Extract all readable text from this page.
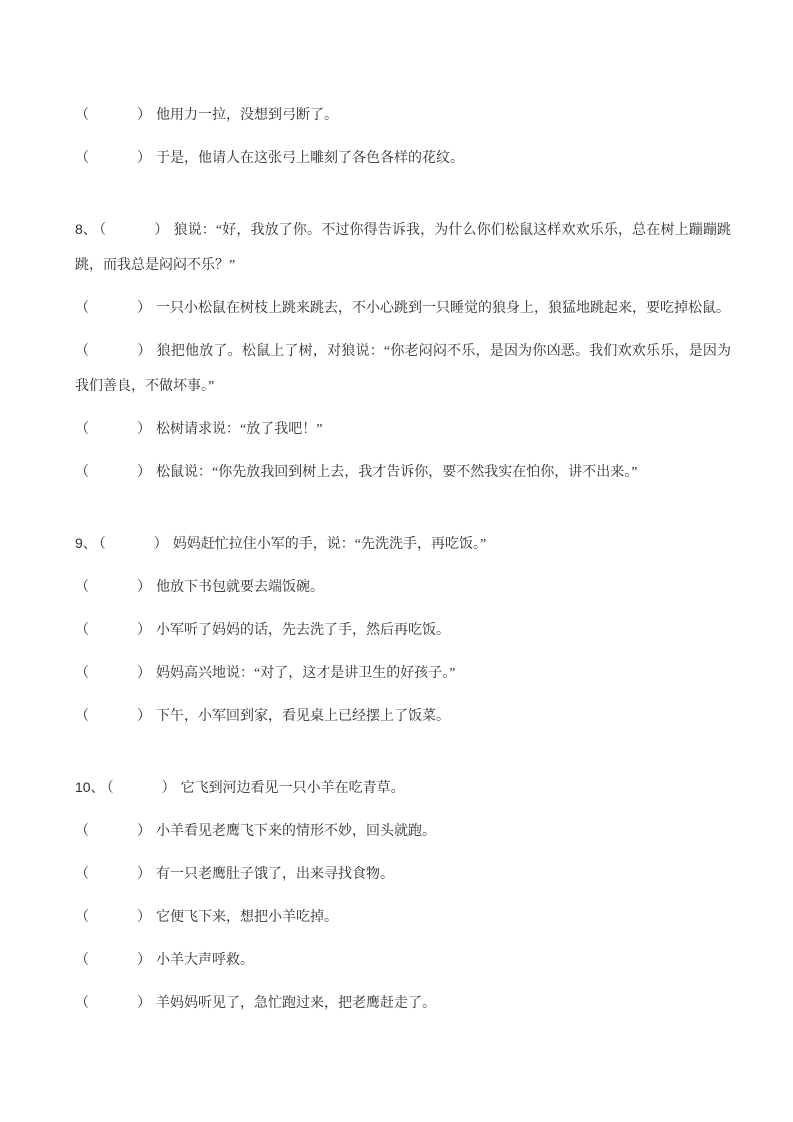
（	） 他用力一拉，没想到弓断了。

（	） 于是，他请人在这张弓上雕刻了各色各样的花纹。

8、 （	） 狼说：“好，我放了你。不过你得告诉我，为什么你们松鼠这样欢欢乐乐，总在树上蹦蹦跳跳，而我总是闷闷不乐？”

（	） 一只小松鼠在树枝上跳来跳去，不小心跳到一只睡觉的狼身上，狼猛地跳起来，要吃掉松鼠。

（	） 狼把他放了。松鼠上了树，对狼说：“你老闷闷不乐，是因为你凶恶。我们欢欢乐乐，是因为我们善良，不做坏事。”

（	） 松树请求说：“放了我吧！”

（	） 松鼠说：“你先放我回到树上去，我才告诉你，要不然我实在怕你，讲不出来。”

9、 （	） 妈妈赶忙拉住小军的手，说：“先洗洗手，再吃饭。”

（	） 他放下书包就要去端饭碗。

（	） 小军听了妈妈的话，先去洗了手，然后再吃饭。

（	） 妈妈高兴地说：“对了，这才是讲卫生的好孩子。”

（	） 下午，小军回到家，看见桌上已经摆上了饭菜。

10、 （	） 它飞到河边看见一只小羊在吃青草。

（	） 小羊看见老鹰飞下来的情形不妙，回头就跑。

（	） 有一只老鹰肚子饿了，出来寻找食物。

（	） 它便飞下来，想把小羊吃掉。

（	） 小羊大声呼救。

（	） 羊妈妈听见了，急忙跑过来，把老鹰赶走了。
